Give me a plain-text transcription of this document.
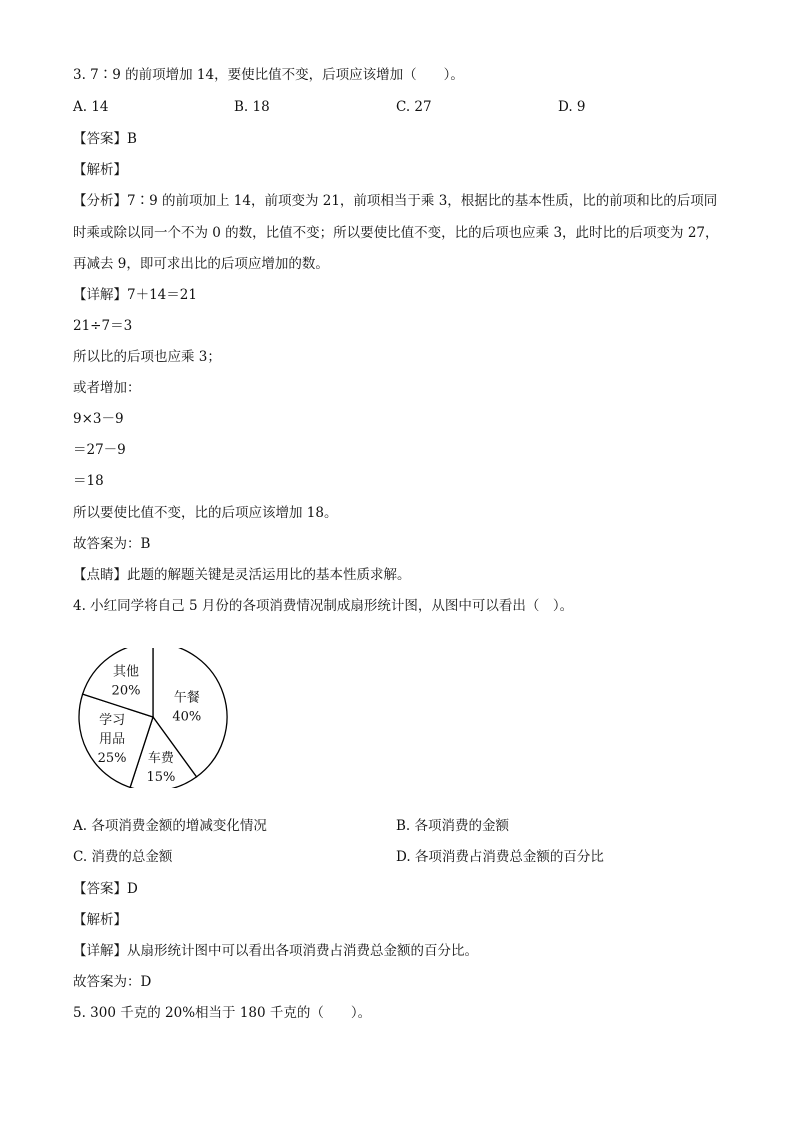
3. 7∶9 的前项增加 14，要使比值不变，后项应该增加（　　）。
A. 14	B. 18	C. 27	D. 9
【答案】B
【解析】
【分析】7∶9 的前项加上 14，前项变为 21，前项相当于乘 3，根据比的基本性质，比的前项和比的后项同
时乘或除以同一个不为 0 的数，比值不变；所以要使比值不变，比的后项也应乘 3，此时比的后项变为 27，
再减去 9，即可求出比的后项应增加的数。
【详解】7＋14＝21
21÷7＝3
所以比的后项也应乘 3；
或者增加：
9×3－9
＝27－9
＝18
所以要使比值不变，比的后项应该增加 18。
故答案为：B
【点睛】此题的解题关键是灵活运用比的基本性质求解。
4. 小红同学将自己 5 月份的各项消费情况制成扇形统计图，从图中可以看出（　）。
午餐
40%
车费
15%
学习
用品
25%
其他
20%
A. 各项消费金额的增减变化情况	B. 各项消费的金额
C. 消费的总金额	D. 各项消费占消费总金额的百分比
【答案】D
【解析】
【详解】从扇形统计图中可以看出各项消费占消费总金额的百分比。
故答案为：D
5. 300 千克的 20%相当于 180 千克的（　　）。
